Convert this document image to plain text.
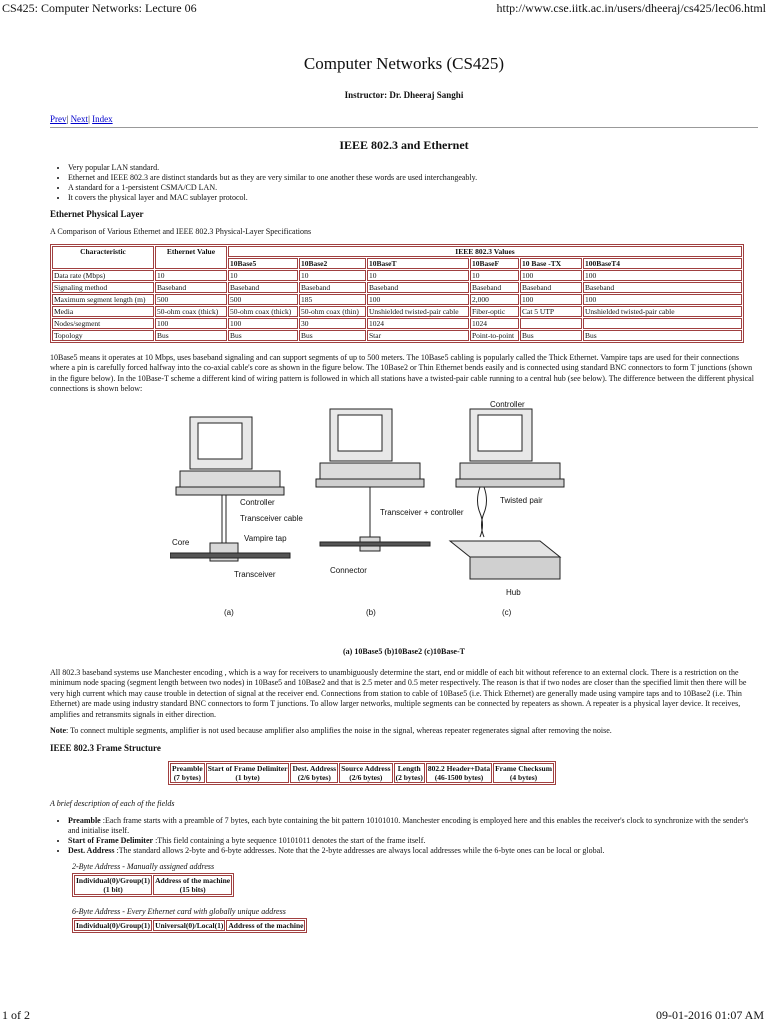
CS425: Computer Networks: Lecture 06	http://www.cse.iitk.ac.in/users/dheeraj/cs425/lec06.html
Computer Networks (CS425)
Instructor: Dr. Dheeraj Sanghi
Prev| Next| Index
IEEE 802.3 and Ethernet
• Very popular LAN standard.
• Ethernet and IEEE 802.3 are distinct standards but as they are very similar to one another these words are used interchangeably.
• A standard for a 1-persistent CSMA/CD LAN.
• It covers the physical layer and MAC sublayer protocol.
Ethernet Physical Layer
A Comparison of Various Ethernet and IEEE 802.3 Physical-Layer Specifications
Characteristic	Ethernet Value	IEEE 802.3 Values					
		10Base5	10Base2	10BaseT	10BaseF	10 Base -TX	100BaseT4
Data rate (Mbps)	10	10	10	10	10	100	100
Signaling method	Baseband	Baseband	Baseband	Baseband	Baseband	Baseband	Baseband
Maximum segment length (m)	500	500	185	100	2,000	100	100
Media	50-ohm coax (thick)	50-ohm coax (thick)	50-ohm coax (thin)	Unshielded twisted-pair cable	Fiber-optic	Cat 5 UTP	Unshielded twisted-pair cable
Nodes/segment	100	100	30	1024	1024		
Topology	Bus	Bus	Bus	Star	Point-to-point	Bus	Bus
10Base5 means it operates at 10 Mbps, uses baseband signaling and can support segments of up to 500 meters. The 10Base5 cabling is popularly called the Thick Ethernet. Vampire taps are used for their connections where a pin is carefully forced halfway into the co-axial cable's core as shown in the figure below. The 10Base2 or Thin Ethernet bends easily and is connected using standard BNC connectors to form T junctions (shown in the figure below). In the 10Base-T scheme a different kind of wiring pattern is followed in which all stations have a twisted-pair cable running to a central hub (see below). The difference between the different physical connections is shown below:
Controller
Transceiver cable
Core	Vampire tap
Transceiver
Transceiver + controller
Connector
Controller
Twisted pair
Hub
(a)	(b)	(c)
(a) 10Base5 (b)10Base2 (c)10Base-T
All 802.3 baseband systems use Manchester encoding , which is a way for receivers to unambiguously determine the start, end or middle of each bit without reference to an external clock. There is a restriction on the minimum node spacing (segment length between two nodes) in 10Base5 and 10Base2 and that is 2.5 meter and 0.5 meter respectively. The reason is that if two nodes are closer than the specified limit then there will be very high current which may cause trouble in detection of signal at the receiver end. Connections from station to cable of 10Base5 (i.e. Thick Ethernet) are generally made using vampire taps and to 10Base2 (i.e. Thin Ethernet) are made using industry standard BNC connectors to form T junctions. To allow larger networks, multiple segments can be connected by repeaters as shown. A repeater is a physical layer device. It receives, amplifies and retransmits signals in either direction.
Note: To connect multiple segments, amplifier is not used because amplifier also amplifies the noise in the signal, whereas repeater regenerates signal after removing the noise.
IEEE 802.3 Frame Structure
Preamble
(7 bytes)	Start of Frame Delimiter
(1 byte)	Dest. Address
(2/6 bytes)	Source Address
(2/6 bytes)	Length
(2 bytes)	802.2 Header+Data
(46-1500 bytes)	Frame Checksum
(4 bytes)
A brief description of each of the fields
• Preamble :Each frame starts with a preamble of 7 bytes, each byte containing the bit pattern 10101010. Manchester encoding is employed here and this enables the receiver's clock to synchronize with the sender's and initialise itself.
• Start of Frame Delimiter :This field containing a byte sequence 10101011 denotes the start of the frame itself.
• Dest. Address :The standard allows 2-byte and 6-byte addresses. Note that the 2-byte addresses are always local addresses while the 6-byte ones can be local or global.
2-Byte Address - Manually assigned address
Individual(0)/Group(1)
(1 bit)	Address of the machine
(15 bits)
6-Byte Address - Every Ethernet card with globally unique address
Individual(0)/Group(1)	Universal(0)/Local(1)	Address of the machine
1 of 2	09-01-2016 01:07 AM
